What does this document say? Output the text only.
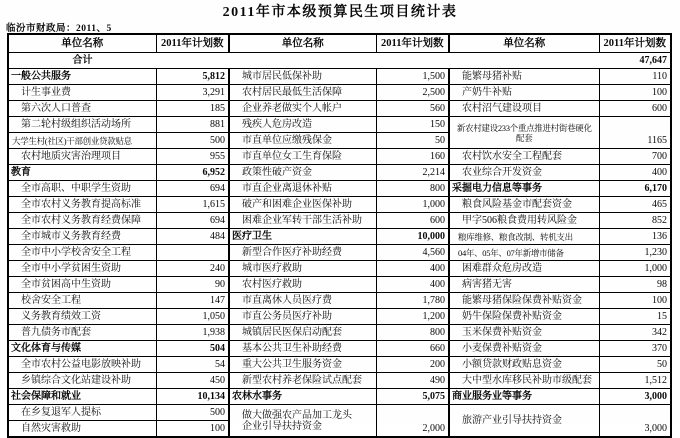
2011年市本级预算民生项目统计表
临汾市财政局：2011、5
单位名称	2011年计划数	单位名称	2011年计划数	单位名称	2011年计划数
合计					47,647
一般公共服务	5,812	城市居民低保补助	1,500	能繁母猪补贴	110
计生事业费	3,291	农村居民最低生活保障	2,500	产奶牛补贴	100
第六次人口普查	185	企业养老做实个人帐户	560	农村沼气建设项目	600
第二轮村级组织活动场所	881	残疾人危房改造	150	新农村建设233个重点推进村街巷硬化配套	1165
大学生村(社区)干部创业贷款贴息	500	市直单位应缴残保金	50		
农村地质灾害治理项目	955	市直单位女工生育保险	160	农村饮水安全工程配套	700
教育	6,952	政策性破产资金	2,214	农业综合开发资金	400
全市高职、中职学生资助	694	市直企业离退休补贴	800	采掘电力信息等事务	6,170
全市农村义务教育提高标准	1,615	破产和困难企业医保补助	1,000	粮食风险基金市配套资金	465
全市农村义务教育经费保障	694	困难企业军转干部生活补助	600	甲字506粮食费用转风险金	852
全市城市义务教育经费	484	医疗卫生	10,000	粮库维修、粮食改制、转机支出	136
全市中小学校舍安全工程		新型合作医疗补助经费	4,560	04年、05年、07年新增市储备	1,230
全市中小学贫困生资助	240	城市医疗救助	400	困难群众危房改造	1,000
全市贫困高中生资助	90	农村医疗救助	400	病害猪无害	98
校舍安全工程	147	市直离休人员医疗费	1,780	能繁母猪保险保费补贴资金	100
义务教育绩效工资	1,050	市直公务员医疗补助	1,200	奶牛保险保费补贴资金	15
普九债务市配套	1,938	城镇居民医保启动配套	800	玉米保费补贴资金	342
文化体育与传媒	504	基本公共卫生补助经费	660	小麦保费补贴资金	370
全市农村公益电影放映补助	54	重大公共卫生服务资金	200	小额贷款财政贴息资金	50
乡镇综合文化站建设补助	450	新型农村养老保险试点配套	490	大中型水库移民补助市级配套	1,512
社会保障和就业	10,134	农林水事务	5,075	商业服务业等事务	3,000
在乡复退军人提标	500	做大做强农产品加工龙头企业引导扶持资金	2,000	旅游产业引导扶持资金	3,000
自然灾害救助	100				
